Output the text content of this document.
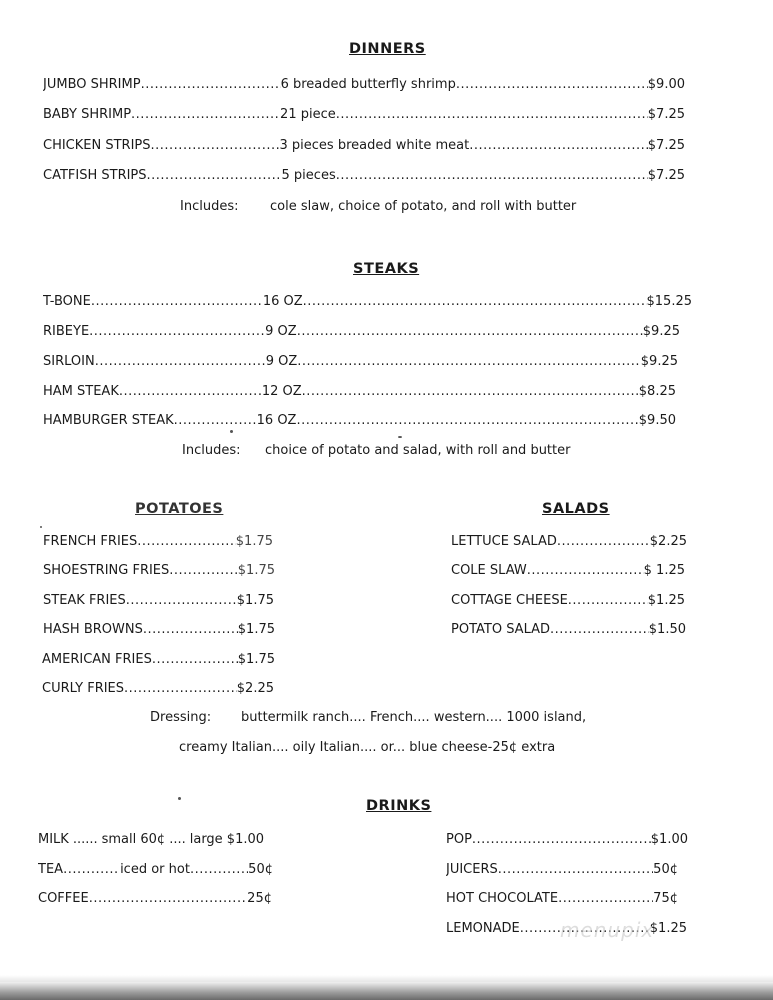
DINNERS
JUMBO SHRIMP .....	6 breaded butterfly shrimp .....	$9.00
BABY SHRIMP .....	21 piece .....	$7.25
CHICKEN STRIPS .....	3 pieces breaded white meat .....	$7.25
CATFISH STRIPS .....	5 pieces .....	$7.25
Includes: cole slaw, choice of potato, and roll with butter
STEAKS
T-BONE .....	16 OZ .....	$15.25
RIBEYE .....	9 OZ .....	$9.25
SIRLOIN .....	9 OZ .....	$9.25
HAM STEAK .....	12 OZ .....	$8.25
HAMBURGER STEAK .....	16 OZ .....	$9.50
Includes: choice of potato and salad, with roll and butter
POTATOES
FRENCH FRIES .....	$1.75
SHOESTRING FRIES .....	$1.75
STEAK FRIES .....	$1.75
HASH BROWNS .....	$1.75
AMERICAN FRIES .....	$1.75
CURLY FRIES .....	$2.25
SALADS
LETTUCE SALAD .....	$2.25
COLE SLAW .....	$ 1.25
COTTAGE CHEESE .....	$1.25
POTATO SALAD .....	$1.50
Dressing: buttermilk ranch.... French.... western.... 1000 island,
creamy Italian.... oily Italian.... or... blue cheese-25¢ extra
DRINKS
MILK ...... small 60¢ .... large $1.00
TEA .....	iced or hot .....	50¢
COFFEE .....	25¢
POP .....	$1.00
JUICERS .....	50¢
HOT CHOCOLATE .....	75¢
LEMONADE .....	$1.25
menupix
